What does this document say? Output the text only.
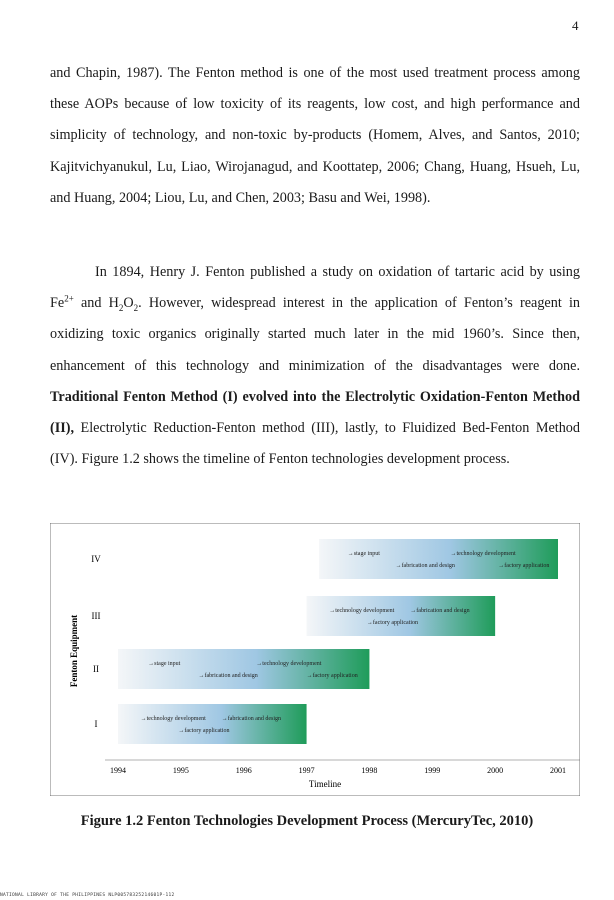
4

and Chapin, 1987). The Fenton method is one of the most used treatment process among these AOPs because of low toxicity of its reagents, low cost, and high performance and simplicity of technology, and non-toxic by-products (Homem, Alves, and Santos, 2010; Kajitvichyanukul, Lu, Liao, Wirojanagud, and Koottatep, 2006; Chang, Huang, Hsueh, Lu, and Huang, 2004; Liou, Lu, and Chen, 2003; Basu and Wei, 1998).

In 1894, Henry J. Fenton published a study on oxidation of tartaric acid by using $Fe^{2+}$ and $H_2O_2$. However, widespread interest in the application of Fenton’s reagent in oxidizing toxic organics originally started much later in the mid 1960’s. Since then, enhancement of this technology and minimization of the disadvantages were done. Traditional Fenton Method (I) evolved into the Electrolytic Oxidation-Fenton Method (II), Electrolytic Reduction-Fenton method (III), lastly, to Fluidized Bed-Fenton Method (IV). Figure 1.2 shows the timeline of Fenton technologies development process.

IV
→stage input	→technology development
→fabrication and design	→factory application
III
→technology development	→fabrication and design
→factory application
II
→stage input	→technology development
→fabrication and design	→factory application
I
→technology development	→fabrication and design
→factory application
1994	1995	1996	1997	1998	1999	2000	2001
Timeline
Fenton Equipment
Figure 1.2 Fenton Technologies Development Process (MercuryTec, 2010)
NATIONAL LIBRARY OF THE PHILIPPINES NLP00578325214601P-112
